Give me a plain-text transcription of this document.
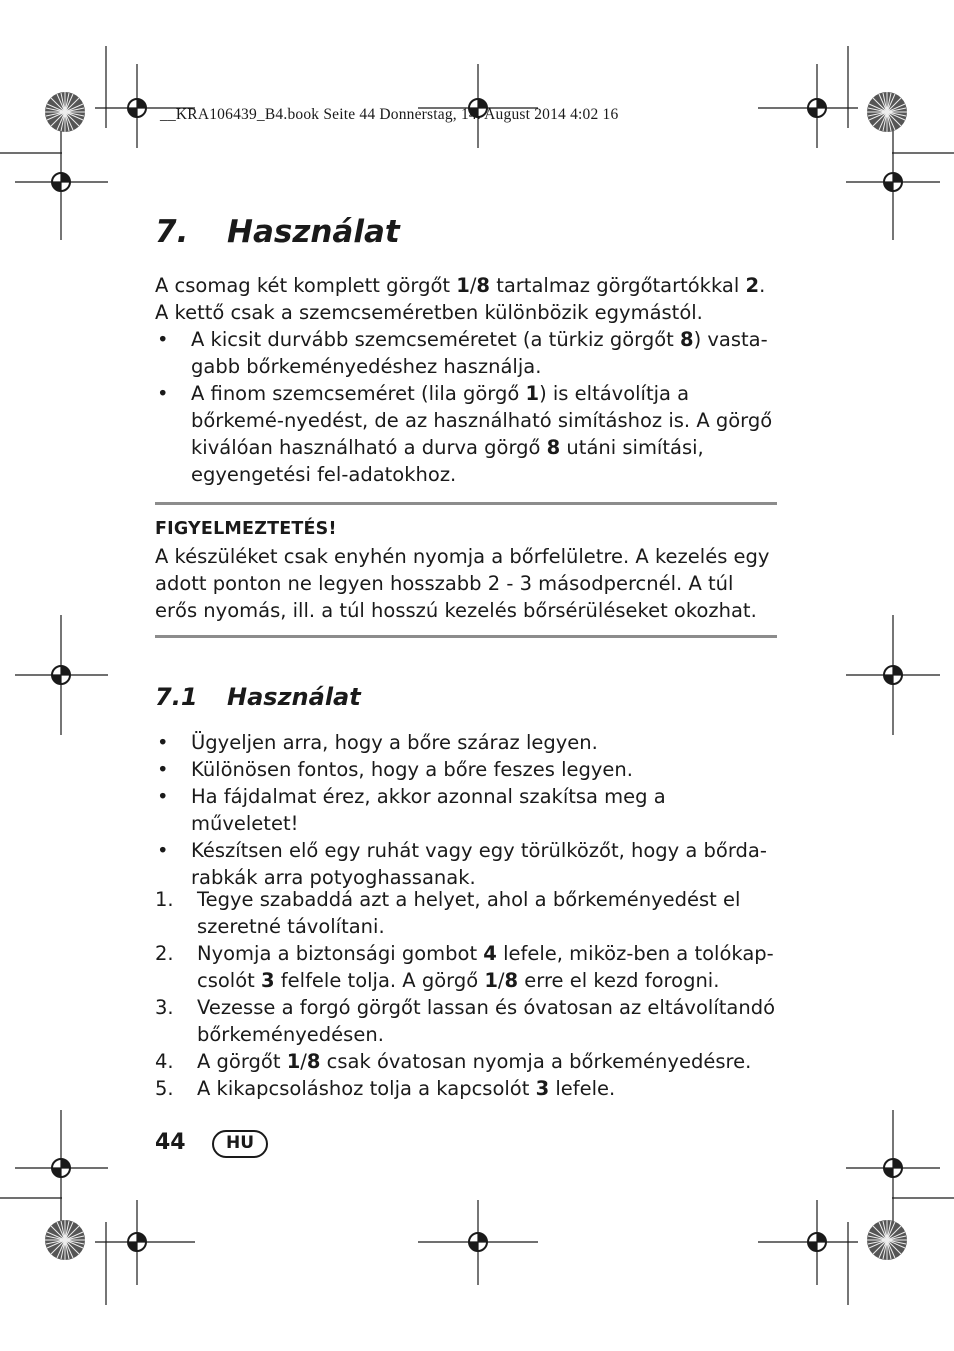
__KRA106439_B4.book Seite 44 Donnerstag, 14. August 2014 4:02 16
7. Használat

A csomag két komplett görgőt 1/8 tartalmaz görgőtartókkal 2.

A kettő csak a szemcseméretben különbözik egymástól.

• A kicsit durvább szemcseméretet (a türkiz görgőt 8) vasta-gabb bőrkeményedéshez használja.
• A finom szemcseméret (lila görgő 1) is eltávolítja a bőrkemé-nyedést, de az használható simításhoz is. A görgő kiválóan használható a durva görgő 8 utáni simítási, egyengetési fel-adatokhoz.

FIGYELMEZTETÉS!

A készüléket csak enyhén nyomja a bőrfelületre. A kezelés egy adott ponton ne legyen hosszabb 2 - 3 másodpercnél. A túl erős nyomás, ill. a túl hosszú kezelés bőrsérüléseket okozhat.

7.1 Használat
• Ügyeljen arra, hogy a bőre száraz legyen.
• Különösen fontos, hogy a bőre feszes legyen.
• Ha fájdalmat érez, akkor azonnal szakítsa meg a műveletet!
• Készítsen elő egy ruhát vagy egy törülközőt, hogy a bőrda-rabkák arra potyoghassanak.
1. Tegye szabaddá azt a helyet, ahol a bőrkeményedést el szeretné távolítani.
2. Nyomja a biztonsági gombot 4 lefele, miköz-ben a tolókap-csolót 3 felfele tolja. A görgő 1/8 erre el kezd forogni.
3. Vezesse a forgó görgőt lassan és óvatosan az eltávolítandó bőrkeményedésen.
4. A görgőt 1/8 csak óvatosan nyomja a bőrkeményedésre.
5. A kikapcsoláshoz tolja a kapcsolót 3 lefele.
44	HU
